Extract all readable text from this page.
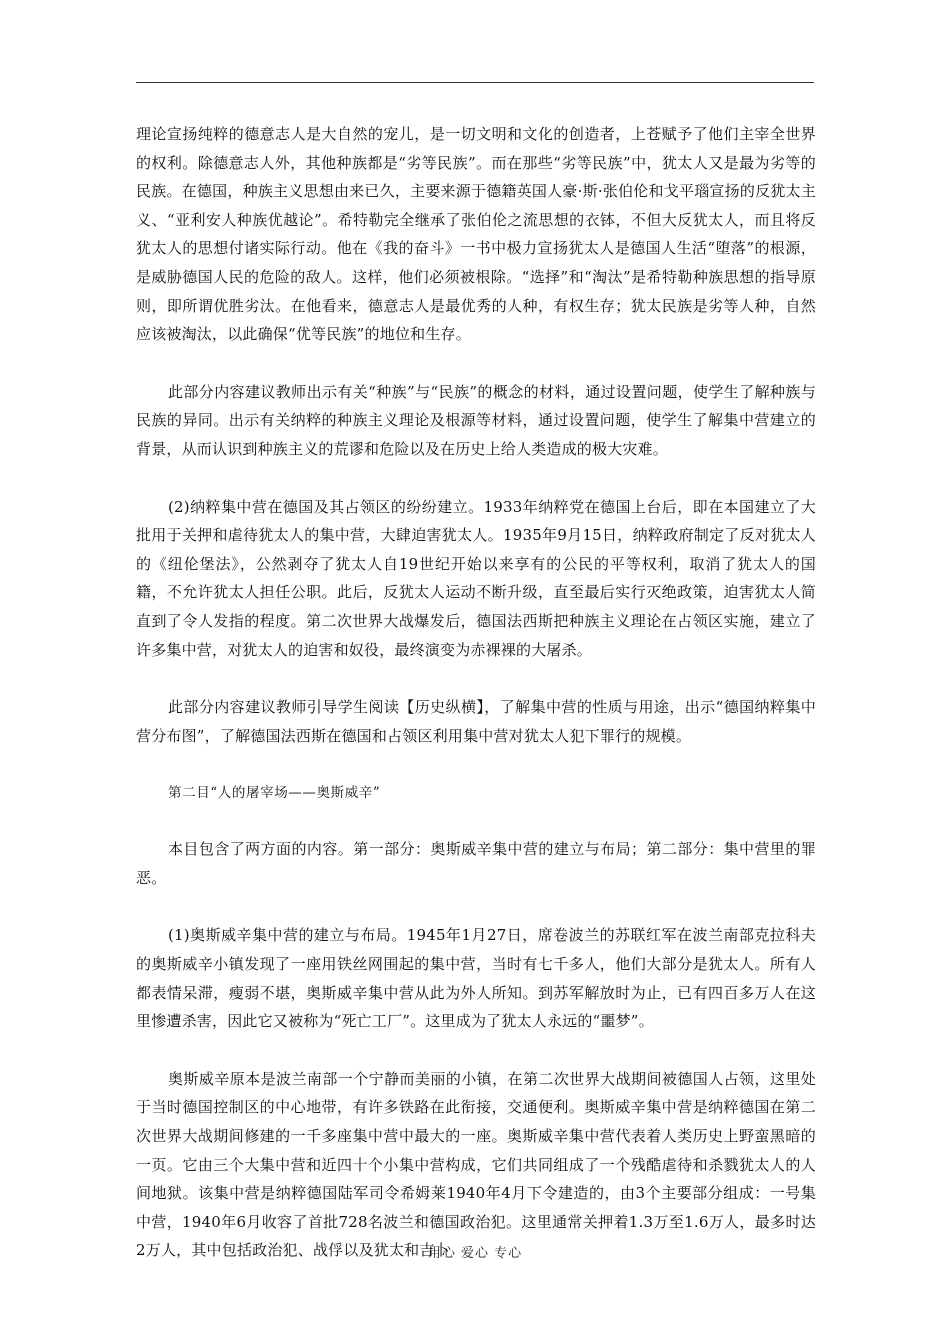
理论宣扬纯粹的德意志人是大自然的宠儿，是一切文明和文化的创造者，上苍赋予了他们主宰全世界的权利。除德意志人外，其他种族都是“劣等民族”。而在那些“劣等民族”中，犹太人又是最为劣等的民族。在德国，种族主义思想由来已久，主要来源于德籍英国人豪·斯·张伯伦和戈平瑙宣扬的反犹太主义、“亚利安人种族优越论”。希特勒完全继承了张伯伦之流思想的衣钵，不但大反犹太人，而且将反犹太人的思想付诸实际行动。他在《我的奋斗》一书中极力宣扬犹太人是德国人生活“堕落”的根源，是威胁德国人民的危险的敌人。这样，他们必须被根除。“选择”和“淘汰”是希特勒种族思想的指导原则，即所谓优胜劣汰。在他看来，德意志人是最优秀的人种，有权生存；犹太民族是劣等人种，自然应该被淘汰，以此确保“优等民族”的地位和生存。

此部分内容建议教师出示有关“种族”与“民族”的概念的材料，通过设置问题，使学生了解种族与民族的异同。出示有关纳粹的种族主义理论及根源等材料，通过设置问题，使学生了解集中营建立的背景，从而认识到种族主义的荒谬和危险以及在历史上给人类造成的极大灾难。

(2)纳粹集中营在德国及其占领区的纷纷建立。1933年纳粹党在德国上台后，即在本国建立了大批用于关押和虐待犹太人的集中营，大肆迫害犹太人。1935年9月15日，纳粹政府制定了反对犹太人的《纽伦堡法》，公然剥夺了犹太人自19世纪开始以来享有的公民的平等权利，取消了犹太人的国籍，不允许犹太人担任公职。此后，反犹太人运动不断升级，直至最后实行灭绝政策，迫害犹太人简直到了令人发指的程度。第二次世界大战爆发后，德国法西斯把种族主义理论在占领区实施，建立了许多集中营，对犹太人的迫害和奴役，最终演变为赤裸裸的大屠杀。

此部分内容建议教师引导学生阅读【历史纵横】，了解集中营的性质与用途，出示“德国纳粹集中营分布图”，了解德国法西斯在德国和占领区利用集中营对犹太人犯下罪行的规模。

第二目“人的屠宰场——奥斯威辛”

本目包含了两方面的内容。第一部分：奥斯威辛集中营的建立与布局；第二部分：集中营里的罪恶。

(1)奥斯威辛集中营的建立与布局。1945年1月27日，席卷波兰的苏联红军在波兰南部克拉科夫的奥斯威辛小镇发现了一座用铁丝网围起的集中营，当时有七千多人，他们大部分是犹太人。所有人都表情呆滞，瘦弱不堪，奥斯威辛集中营从此为外人所知。到苏军解放时为止，已有四百多万人在这里惨遭杀害，因此它又被称为“死亡工厂”。这里成为了犹太人永远的“噩梦”。

奥斯威辛原本是波兰南部一个宁静而美丽的小镇，在第二次世界大战期间被德国人占领，这里处于当时德国控制区的中心地带，有许多铁路在此衔接，交通便利。奥斯威辛集中营是纳粹德国在第二次世界大战期间修建的一千多座集中营中最大的一座。奥斯威辛集中营代表着人类历史上野蛮黑暗的一页。它由三个大集中营和近四十个小集中营构成，它们共同组成了一个残酷虐待和杀戮犹太人的人间地狱。该集中营是纳粹德国陆军司令希姆莱1940年4月下令建造的，由3个主要部分组成：一号集中营，1940年6月收容了首批728名波兰和德国政治犯。这里通常关押着1.3万至1.6万人，最多时达2万人，其中包括政治犯、战俘以及犹太和吉卜

用心 爱心 专心
